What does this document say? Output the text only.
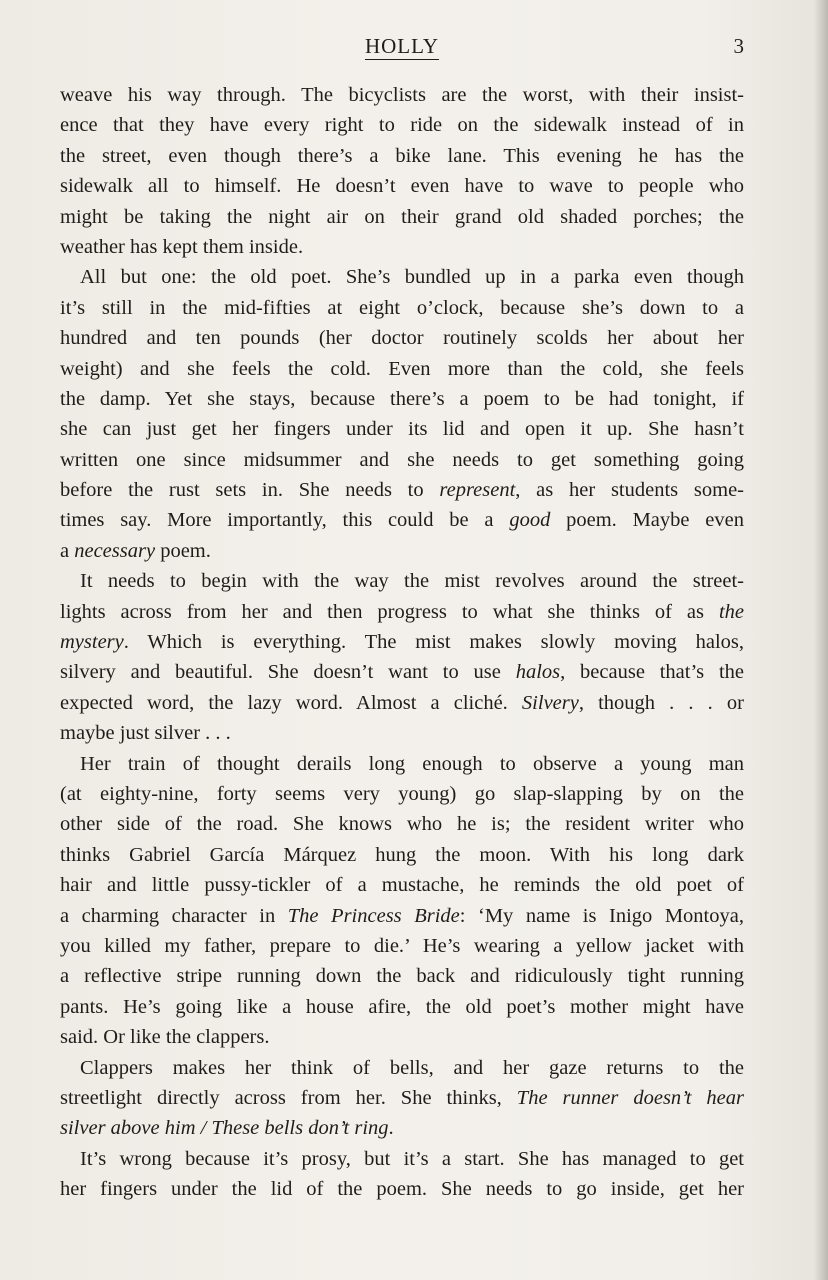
HOLLY	3
weave his way through. The bicyclists are the worst, with their insist-
ence that they have every right to ride on the sidewalk instead of in
the street, even though there’s a bike lane. This evening he has the
sidewalk all to himself. He doesn’t even have to wave to people who
might be taking the night air on their grand old shaded porches; the
weather has kept them inside.
All but one: the old poet. She’s bundled up in a parka even though
it’s still in the mid-fifties at eight o’clock, because she’s down to a
hundred and ten pounds (her doctor routinely scolds her about her
weight) and she feels the cold. Even more than the cold, she feels
the damp. Yet she stays, because there’s a poem to be had tonight, if
she can just get her fingers under its lid and open it up. She hasn’t
written one since midsummer and she needs to get something going
before the rust sets in. She needs to represent, as her students some-
times say. More importantly, this could be a good poem. Maybe even
a necessary poem.
It needs to begin with the way the mist revolves around the street-
lights across from her and then progress to what she thinks of as the
mystery. Which is everything. The mist makes slowly moving halos,
silvery and beautiful. She doesn’t want to use halos, because that’s the
expected word, the lazy word. Almost a cliché. Silvery, though . . . or
maybe just silver . . .
Her train of thought derails long enough to observe a young man
(at eighty-nine, forty seems very young) go slap-slapping by on the
other side of the road. She knows who he is; the resident writer who
thinks Gabriel García Márquez hung the moon. With his long dark
hair and little pussy-tickler of a mustache, he reminds the old poet of
a charming character in The Princess Bride: ‘My name is Inigo Montoya,
you killed my father, prepare to die.’ He’s wearing a yellow jacket with
a reflective stripe running down the back and ridiculously tight running
pants. He’s going like a house afire, the old poet’s mother might have
said. Or like the clappers.
Clappers makes her think of bells, and her gaze returns to the
streetlight directly across from her. She thinks, The runner doesn’t hear
silver above him / These bells don’t ring.
It’s wrong because it’s prosy, but it’s a start. She has managed to get
her fingers under the lid of the poem. She needs to go inside, get her
